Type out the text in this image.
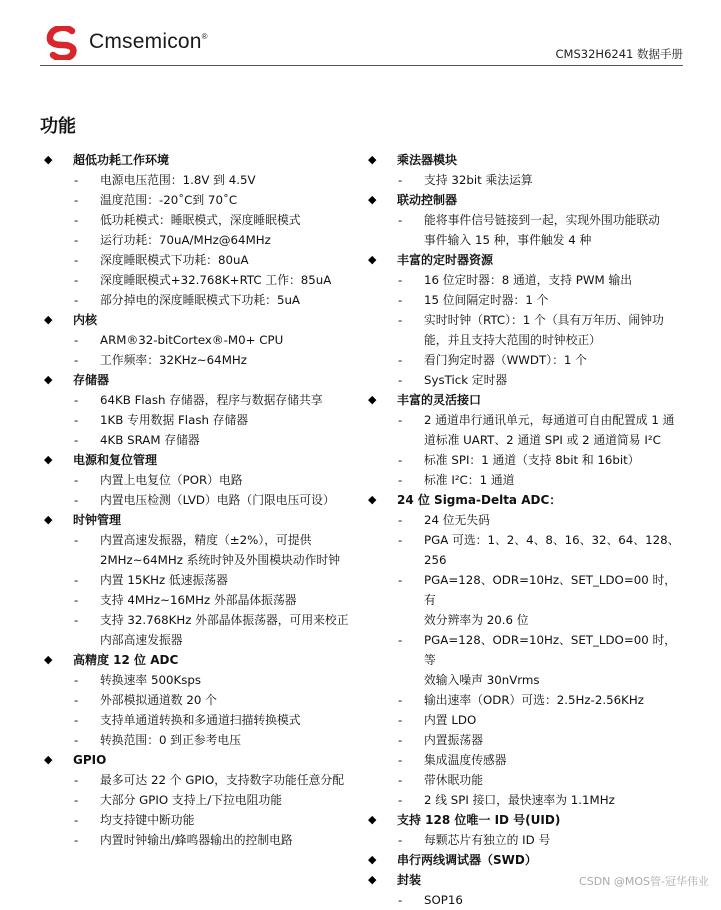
Cmsemicon®
CMS32H6241 数据手册
功能
◆ 超低功耗工作环境
- 电源电压范围：1.8V 到 4.5V
- 温度范围：-20˚C到 70˚C
- 低功耗模式：睡眠模式，深度睡眠模式
- 运行功耗：70uA/MHz@64MHz
- 深度睡眠模式下功耗：80uA
- 深度睡眠模式+32.768K+RTC 工作：85uA
- 部分掉电的深度睡眠模式下功耗：5uA
◆ 内核
- ARM®32-bitCortex®-M0+ CPU
- 工作频率：32KHz~64MHz
◆ 存储器
- 64KB Flash 存储器，程序与数据存储共享
- 1KB 专用数据 Flash 存储器
- 4KB SRAM 存储器
◆ 电源和复位管理
- 内置上电复位（POR）电路
- 内置电压检测（LVD）电路（门限电压可设）
◆ 时钟管理
- 内置高速发振器，精度（±2%），可提供
2MHz~64MHz 系统时钟及外围模块动作时钟
- 内置 15KHz 低速振荡器
- 支持 4MHz~16MHz 外部晶体振荡器
- 支持 32.768KHz 外部晶体振荡器，可用来校正
内部高速发振器
◆ 高精度 12 位 ADC
- 转换速率 500Ksps
- 外部模拟通道数 20 个
- 支持单通道转换和多通道扫描转换模式
- 转换范围：0 到正参考电压
◆ GPIO
- 最多可达 22 个 GPIO，支持数字功能任意分配
- 大部分 GPIO 支持上/下拉电阻功能
- 均支持键中断功能
- 内置时钟输出/蜂鸣器输出的控制电路
◆ 乘法器模块
- 支持 32bit 乘法运算
◆ 联动控制器
- 能将事件信号链接到一起，实现外围功能联动
事件输入 15 种，事件触发 4 种
◆ 丰富的定时器资源
- 16 位定时器：8 通道，支持 PWM 输出
- 15 位间隔定时器：1 个
- 实时时钟（RTC）：1 个（具有万年历、闹钟功
能，并且支持大范围的时钟校正）
- 看门狗定时器（WWDT）：1 个
- SysTick 定时器
◆ 丰富的灵活接口
- 2 通道串行通讯单元，每通道可自由配置成 1 通
道标准 UART、2 通道 SPI 或 2 通道简易 I²C
- 标准 SPI：1 通道（支持 8bit 和 16bit）
- 标准 I²C：1 通道
◆ 24 位 Sigma-Delta ADC：
- 24 位无失码
- PGA 可选：1、2、4、8、16、32、64、128、
256
- PGA=128、ODR=10Hz、SET_LDO=00 时，有
效分辨率为 20.6 位
- PGA=128、ODR=10Hz、SET_LDO=00 时，等
效输入噪声 30nVrms
- 输出速率（ODR）可选：2.5Hz-2.56KHz
- 内置 LDO
- 内置振荡器
- 集成温度传感器
- 带休眠功能
- 2 线 SPI 接口，最快速率为 1.1MHz
◆ 支持 128 位唯一 ID 号(UID)
- 每颗芯片有独立的 ID 号
◆ 串行两线调试器（SWD）
◆ 封装
- SOP16
CSDN @MOS管-冠华伟业
